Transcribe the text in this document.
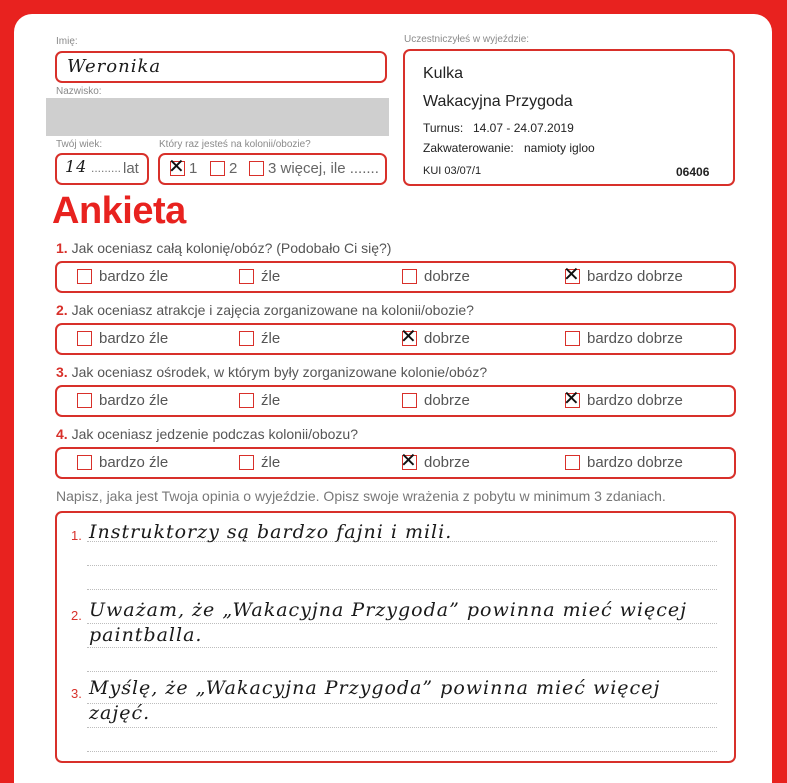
Imię:
Weronika
Nazwisko:
Twój wiek:
14 ......... lat
Który raz jesteś na kolonii/obozie?
✕ 1 2 3 więcej, ile .......
Uczestniczyłeś w wyjeździe:
Kulka
Wakacyjna Przygoda
Turnus: 14.07 - 24.07.2019
Zakwaterowanie: namioty igloo
KUI 03/07/1	06406
Ankieta
1. Jak oceniasz całą kolonię/obóz? (Podobało Ci się?)
bardzo źle	źle	dobrze	✕ bardzo dobrze
2. Jak oceniasz atrakcje i zajęcia zorganizowane na kolonii/obozie?
bardzo źle	źle	✕ dobrze	bardzo dobrze
3. Jak oceniasz ośrodek, w którym były zorganizowane kolonie/obóz?
bardzo źle	źle	dobrze	✕ bardzo dobrze
4. Jak oceniasz jedzenie podczas kolonii/obozu?
bardzo źle	źle	✕ dobrze	bardzo dobrze
Napisz, jaka jest Twoja opinia o wyjeździe. Opisz swoje wrażenia z pobytu w minimum 3 zdaniach.
1. Instruktorzy są bardzo fajni i mili.
2. Uważam, że „Wakacyjna Przygoda” powinna mieć więcej
paintballa.
3. Myślę, że „Wakacyjna Przygoda” powinna mieć więcej
zajęć.
